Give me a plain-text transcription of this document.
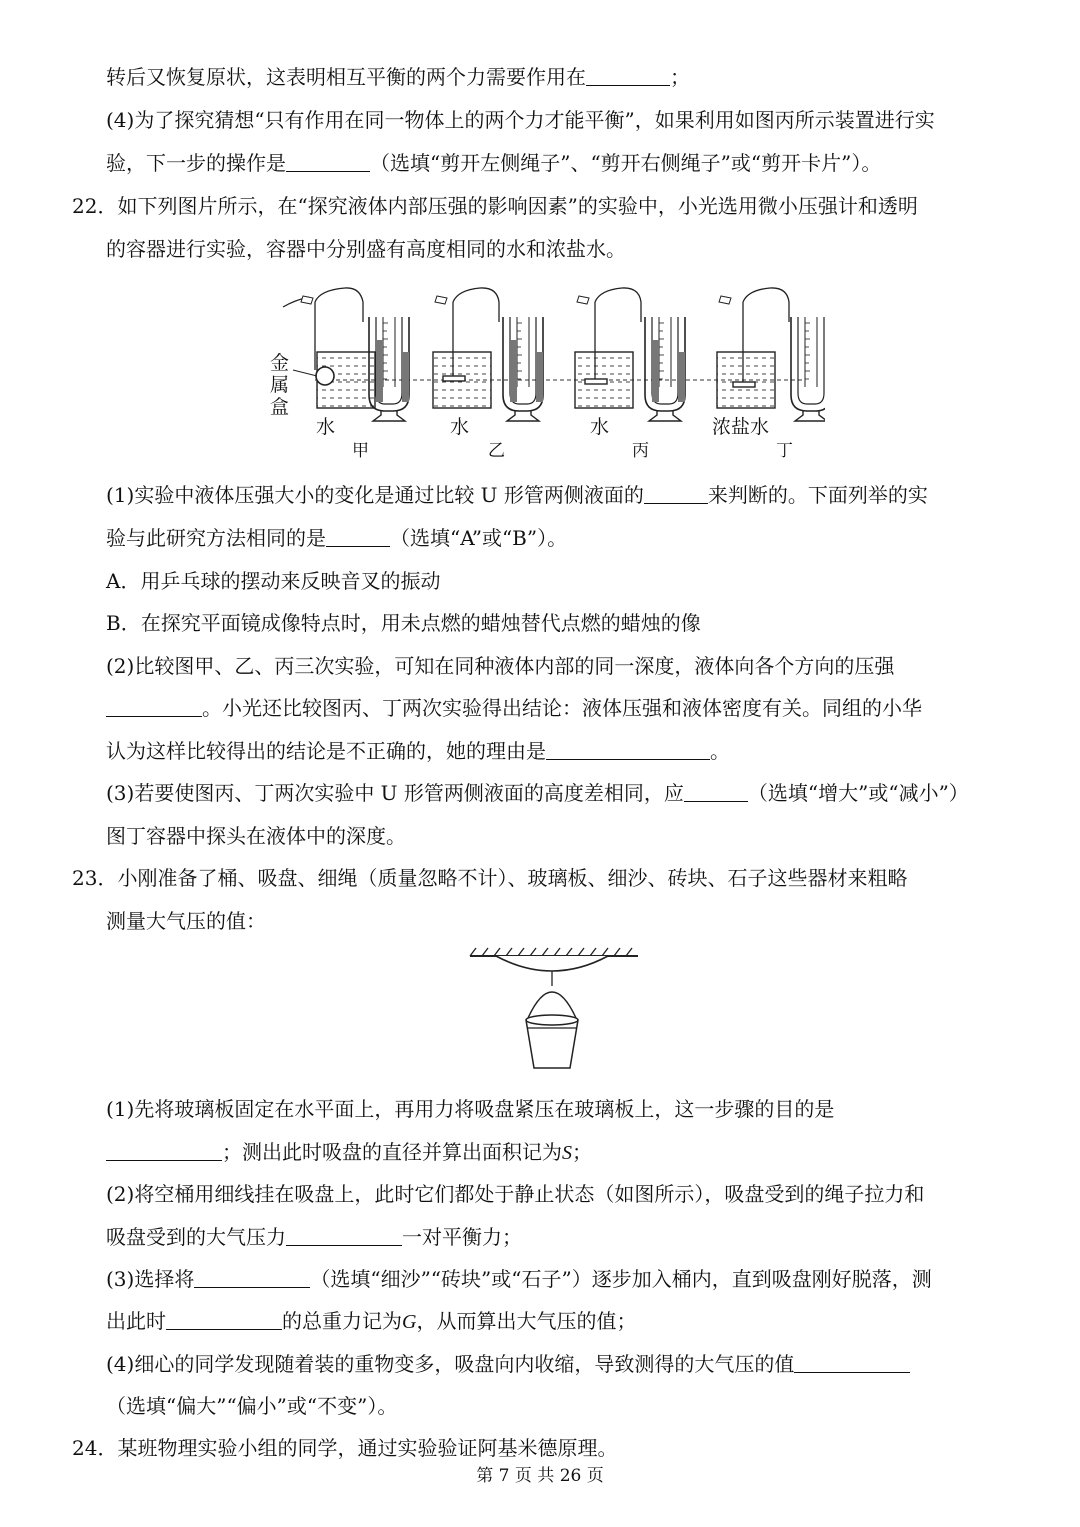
转后又恢复原状，这表明相互平衡的两个力需要作用在	；
(4)为了探究猜想“只有作用在同一物体上的两个力才能平衡”，如果利用如图丙所示装置进行实
验，下一步的操作是	（选填“剪开左侧绳子”、“剪开右侧绳子”或“剪开卡片”）。
22．如下列图片所示，在“探究液体内部压强的影响因素”的实验中，小光选用微小压强计和透明
的容器进行实验，容器中分别盛有高度相同的水和浓盐水。
金属盒
水	水	水	浓盐水
甲	乙	丙	丁
(1)实验中液体压强大小的变化是通过比较 U 形管两侧液面的	来判断的。下面列举的实
验与此研究方法相同的是	（选填“A”或“B”）。
A．用乒乓球的摆动来反映音叉的振动
B．在探究平面镜成像特点时，用未点燃的蜡烛替代点燃的蜡烛的像
(2)比较图甲、乙、丙三次实验，可知在同种液体内部的同一深度，液体向各个方向的压强
。小光还比较图丙、丁两次实验得出结论：液体压强和液体密度有关。同组的小华
认为这样比较得出的结论是不正确的，她的理由是	。
(3)若要使图丙、丁两次实验中 U 形管两侧液面的高度差相同，应	（选填“增大”或“减小”）
图丁容器中探头在液体中的深度。
23．小刚准备了桶、吸盘、细绳（质量忽略不计）、玻璃板、细沙、砖块、石子这些器材来粗略
测量大气压的值：
(1)先将玻璃板固定在水平面上，再用力将吸盘紧压在玻璃板上，这一步骤的目的是
；测出此时吸盘的直径并算出面积记为S；
(2)将空桶用细线挂在吸盘上，此时它们都处于静止状态（如图所示），吸盘受到的绳子拉力和
吸盘受到的大气压力	一对平衡力；
(3)选择将	（选填“细沙”“砖块”或“石子”）逐步加入桶内，直到吸盘刚好脱落，测
出此时	的总重力记为G，从而算出大气压的值；
(4)细心的同学发现随着装的重物变多，吸盘向内收缩，导致测得的大气压的值
（选填“偏大”“偏小”或“不变”）。
24．某班物理实验小组的同学，通过实验验证阿基米德原理。
第 7 页 共 26 页
